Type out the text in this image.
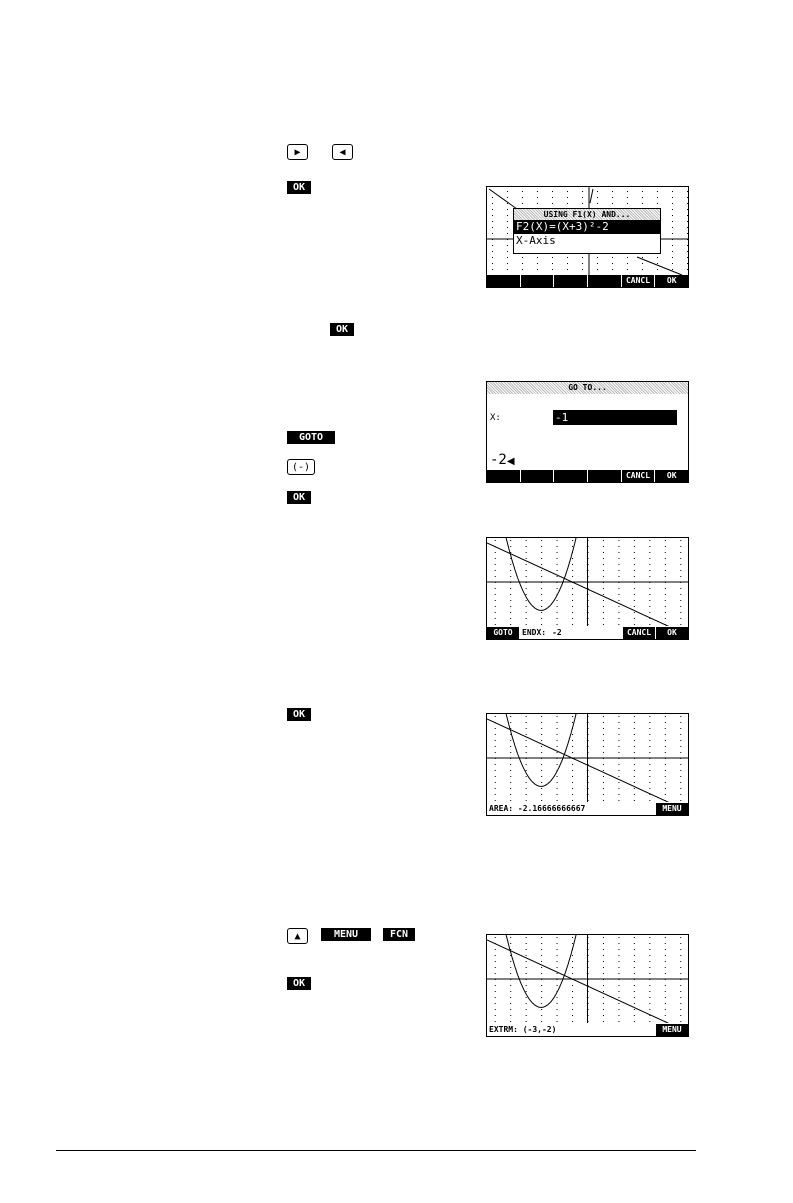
▶	◀
OK
OK
GOTO
(-)
OK
OK
▲	MENU	FCN
OK
USING F1(X) AND...
F2(X)=(X+3)²-2
X-Axis
CANCL	OK
GO TO...
X:	-1
-2◀
CANCL	OK
GOTO	ENDX: -2	CANCL	OK
AREA: -2.16666666667	MENU
EXTRM: (-3,-2)	MENU
